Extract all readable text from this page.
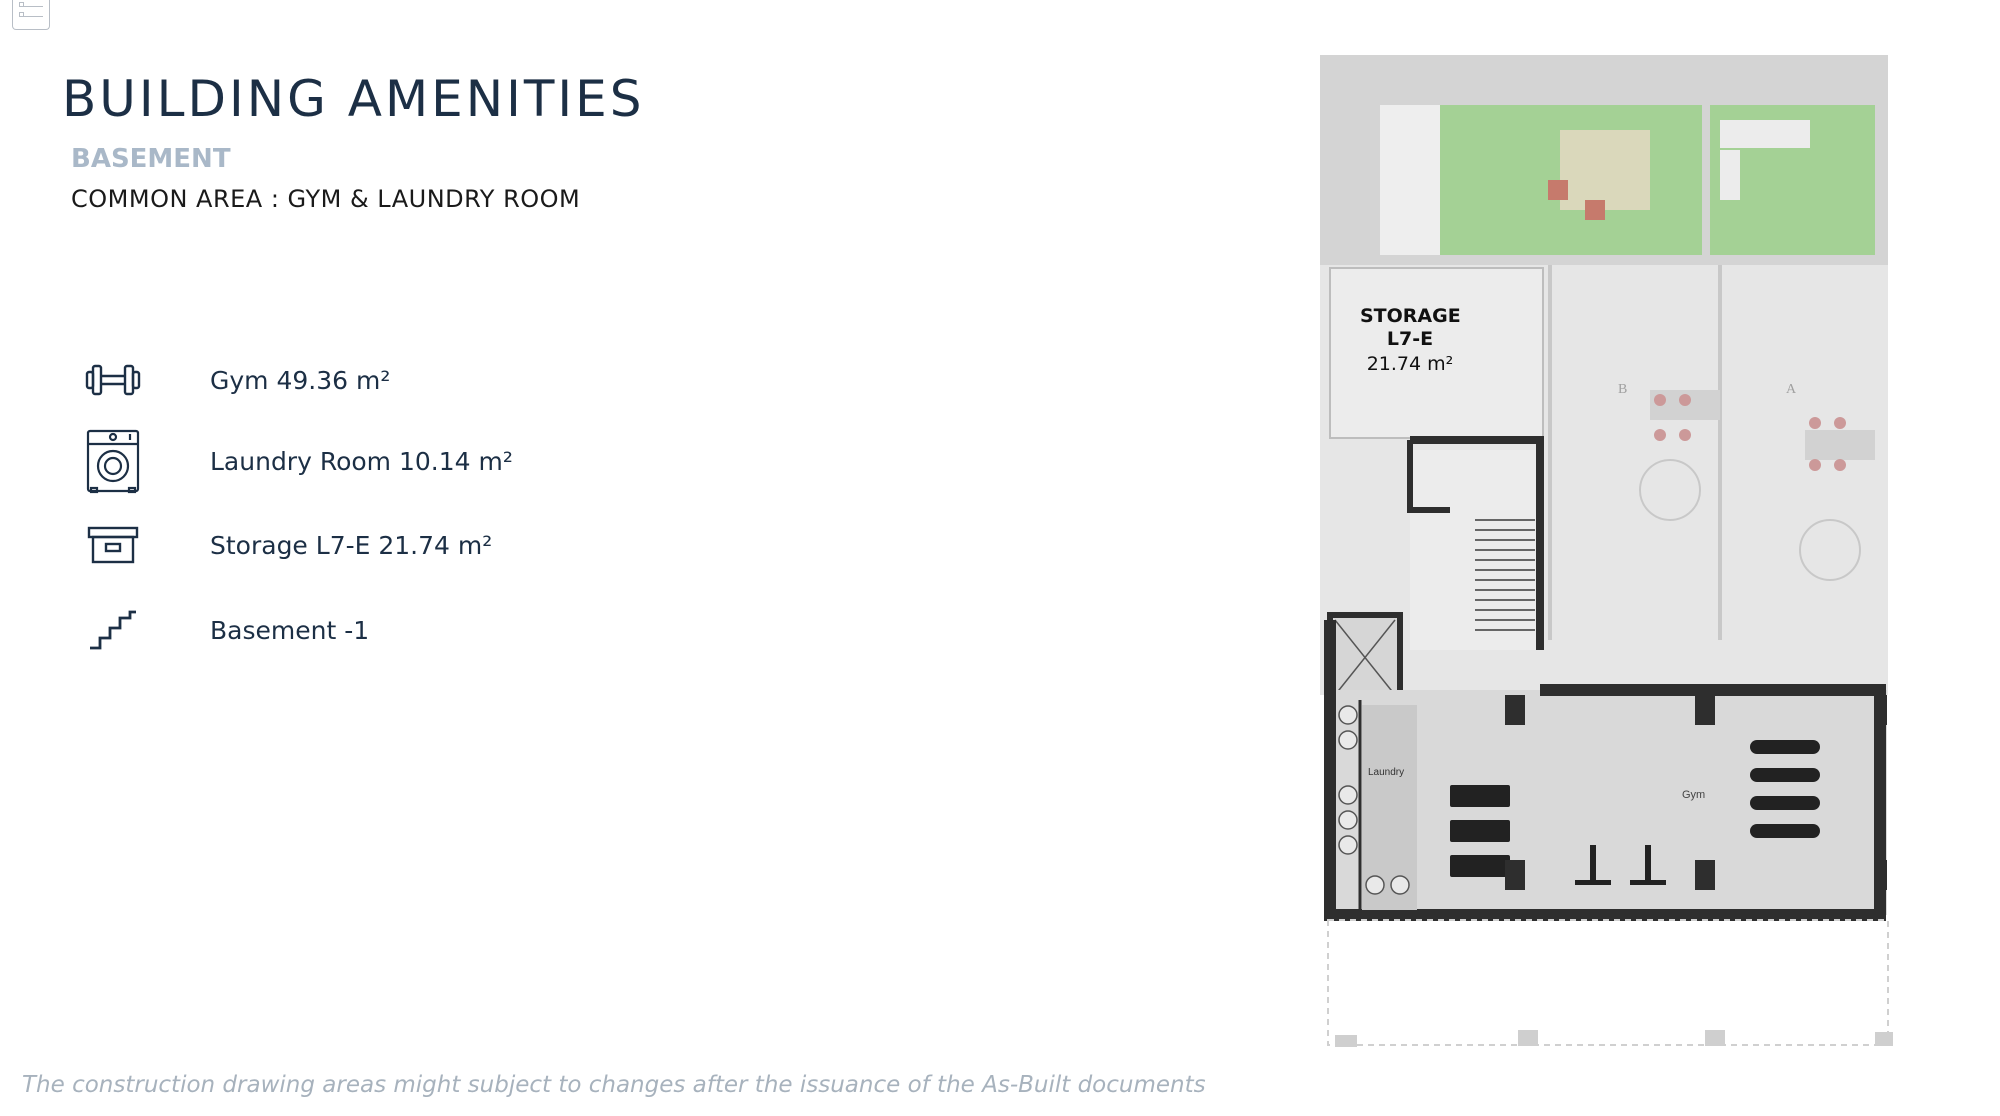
BUILDING AMENITIES
BASEMENT
COMMON AREA : GYM & LAUNDRY ROOM
Gym 49.36 m²
Laundry Room 10.14 m²
Storage L7-E 21.74 m²
Basement -1
B	A
Laundry
Gym
STORAGE
L7-E
21.74 m²
The construction drawing areas might subject to changes after the issuance of the As-Built documents
